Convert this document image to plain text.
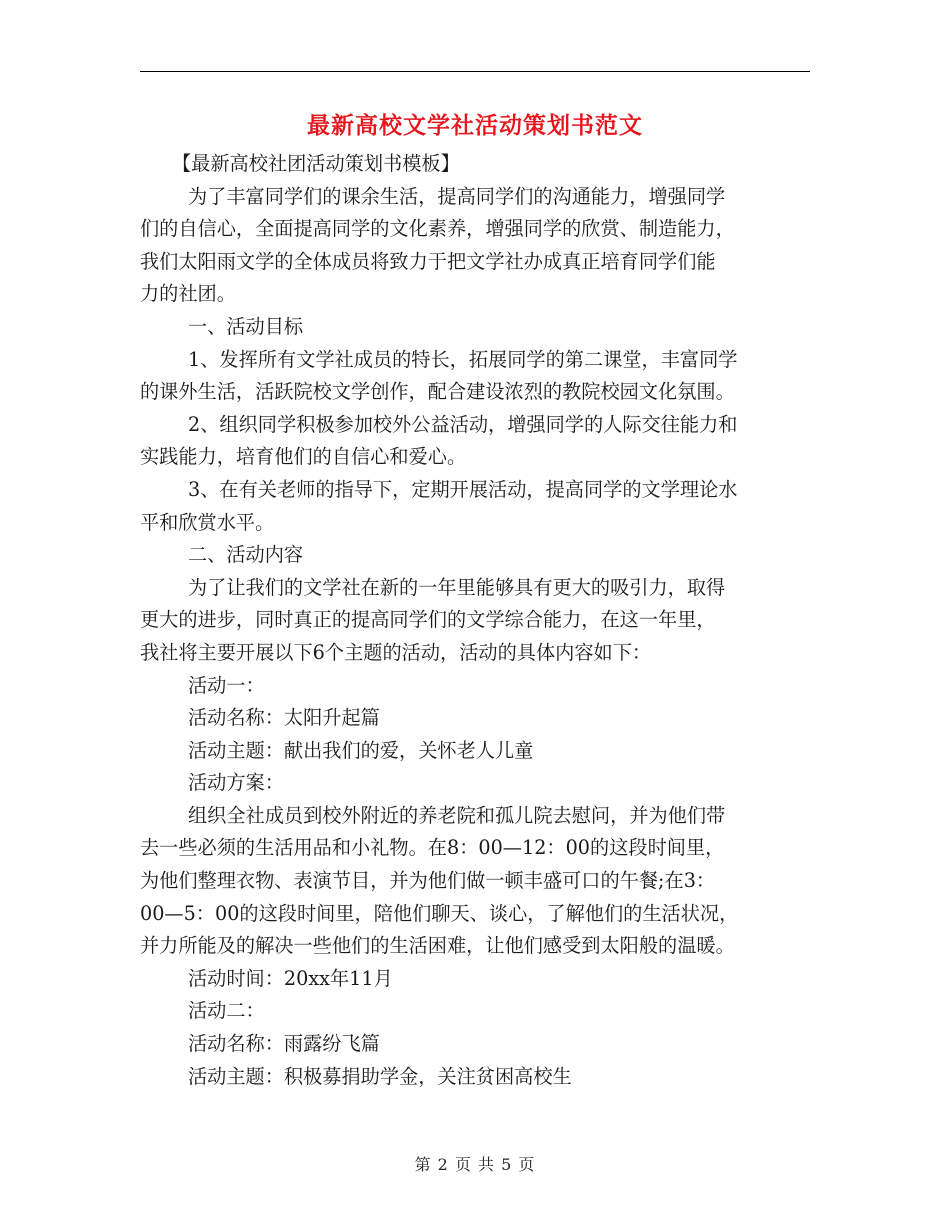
最新高校文学社活动策划书范文

【最新高校社团活动策划书模板】

为了丰富同学们的课余生活，提高同学们的沟通能力，增强同学

们的自信心，全面提高同学的文化素养，增强同学的欣赏、制造能力，

我们太阳雨文学的全体成员将致力于把文学社办成真正培育同学们能

力的社团。

一、活动目标

1、发挥所有文学社成员的特长，拓展同学的第二课堂，丰富同学

的课外生活，活跃院校文学创作，配合建设浓烈的教院校园文化氛围。

2、组织同学积极参加校外公益活动，增强同学的人际交往能力和

实践能力，培育他们的自信心和爱心。

3、在有关老师的指导下，定期开展活动，提高同学的文学理论水

平和欣赏水平。

二、活动内容

为了让我们的文学社在新的一年里能够具有更大的吸引力，取得

更大的进步，同时真正的提高同学们的文学综合能力，在这一年里，

我社将主要开展以下6个主题的活动，活动的具体内容如下：

活动一：

活动名称：太阳升起篇

活动主题：献出我们的爱，关怀老人儿童

活动方案：

组织全社成员到校外附近的养老院和孤儿院去慰问，并为他们带

去一些必须的生活用品和小礼物。在8：00—12：00的这段时间里，

为他们整理衣物、表演节目，并为他们做一顿丰盛可口的午餐;在3：

00—5：00的这段时间里，陪他们聊天、谈心，了解他们的生活状况，

并力所能及的解决一些他们的生活困难，让他们感受到太阳般的温暖。

活动时间：20xx年11月

活动二：

活动名称：雨露纷飞篇

活动主题：积极募捐助学金，关注贫困高校生

第 2 页 共 5 页
